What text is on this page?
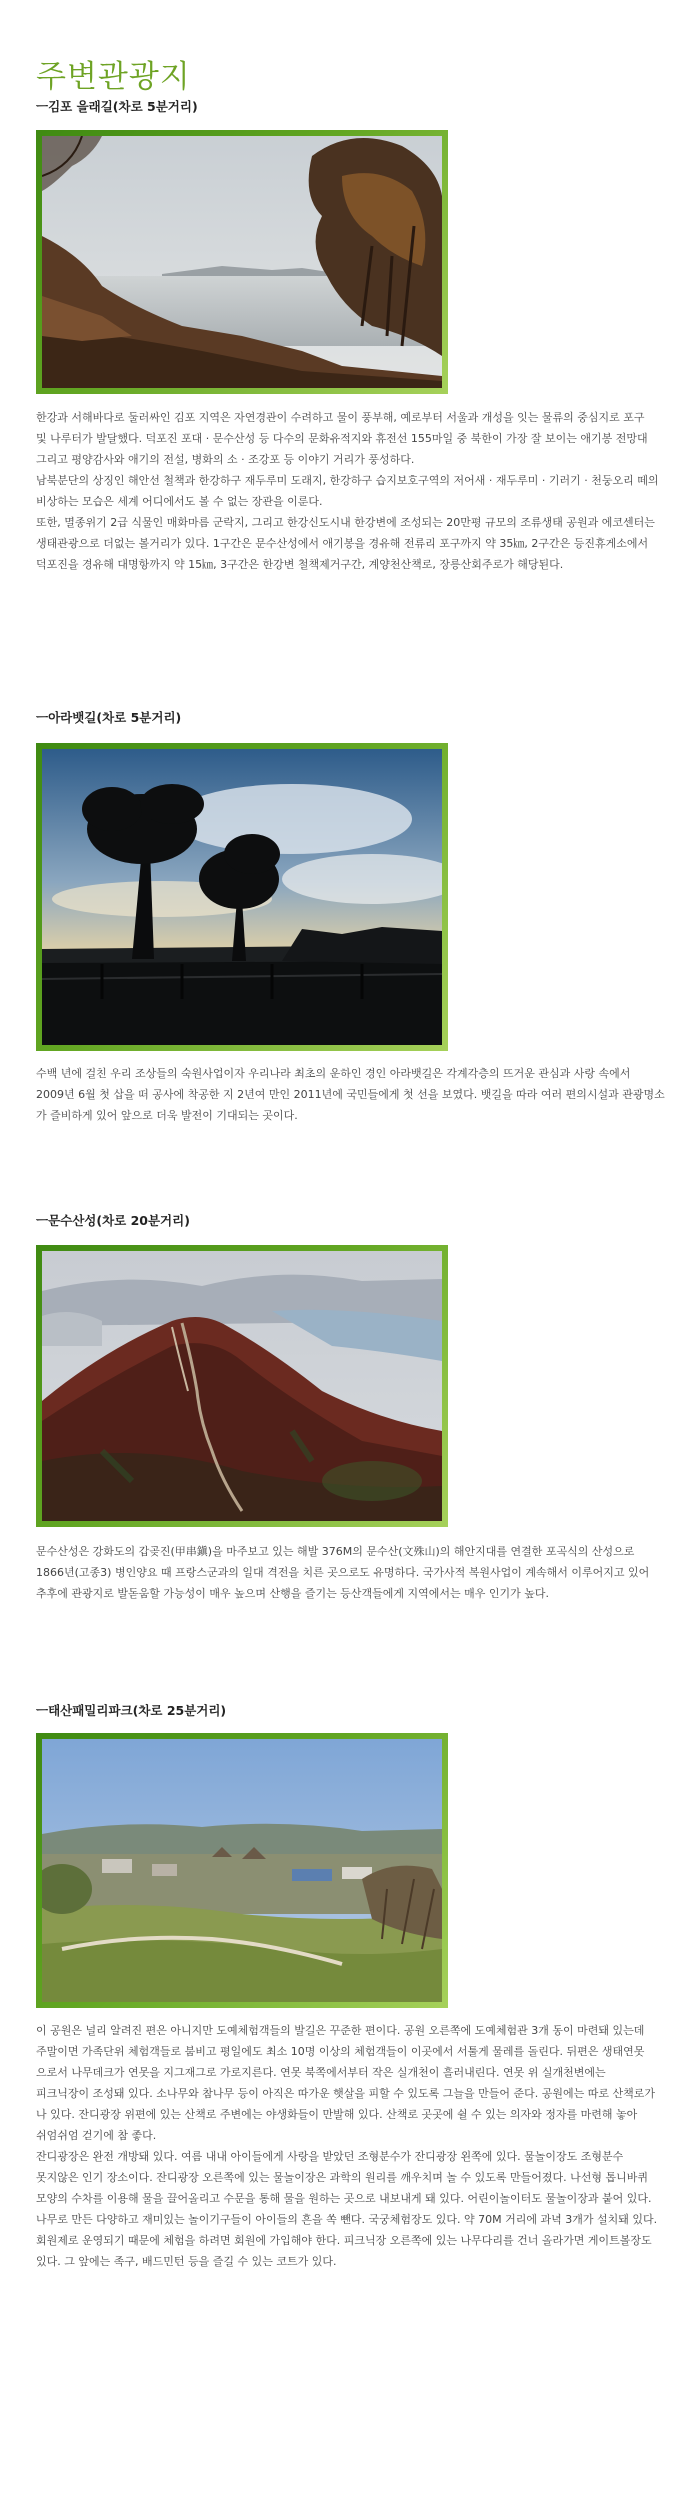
주변관광지
ㅡ김포 을래길(차로 5분거리)

한강과 서해바다로 둘러싸인 김포 지역은 자연경관이 수려하고 물이 풍부해, 예로부터 서울과 개성을 잇는 물류의 중심지로 포구

및 나루터가 발달했다. 덕포진 포대 · 문수산성 등 다수의 문화유적지와 휴전선 155마일 중 북한이 가장 잘 보이는 애기봉 전망대

그리고 평양감사와 애기의 전설, 병화의 소 · 조강포 등 이야기 거리가 풍성하다.

남북분단의 상징인 해안선 철책과 한강하구 재두루미 도래지, 한강하구 습지보호구역의 저어새 · 재두루미 · 기러기 · 천둥오리 떼의

비상하는 모습은 세계 어디에서도 볼 수 없는 장관을 이룬다.

또한, 멸종위기 2급 식물인 매화마름 군락지, 그리고 한강신도시내 한강변에 조성되는 20만평 규모의 조류생태 공원과 에코센터는

생태관광으로 더없는 볼거리가 있다. 1구간은 문수산성에서 애기봉을 경유해 전류리 포구까지 약 35㎞, 2구간은 등진휴게소에서

덕포진을 경유해 대명항까지 약 15㎞, 3구간은 한강변 철책제거구간, 계양천산책로, 장릉산회주로가 해당된다.

ㅡ아라뱃길(차로 5분거리)

수백 년에 걸친 우리 조상들의 숙원사업이자 우리나라 최초의 운하인 경인 아라뱃길은 각계각층의 뜨거운 관심과 사랑 속에서

2009년 6월 첫 삽을 떠 공사에 착공한 지 2년여 만인 2011년에 국민들에게 첫 선을 보였다. 뱃길을 따라 여러 편의시설과 관광명소

가 즐비하게 있어 앞으로 더욱 발전이 기대되는 곳이다.

ㅡ문수산성(차로 20분거리)

문수산성은 강화도의 갑곶진(甲串鎭)을 마주보고 있는 해발 376M의 문수산(文殊山)의 해안지대를 연결한 포곡식의 산성으로

1866년(고종3) 병인양요 때 프랑스군과의 일대 격전을 치른 곳으로도 유명하다. 국가사적 복원사업이 계속해서 이루어지고 있어

추후에 관광지로 발돋움할 가능성이 매우 높으며 산행을 즐기는 등산객들에게 지역에서는 매우 인기가 높다.

ㅡ태산패밀리파크(차로 25분거리)

이 공원은 널리 알려진 편은 아니지만 도예체험객들의 발길은 꾸준한 편이다. 공원 오른쪽에 도예체험관 3개 동이 마련돼 있는데

주말이면 가족단위 체험객들로 붐비고 평일에도 최소 10명 이상의 체험객들이 이곳에서 서툴게 물레를 돌린다. 뒤편은 생태연못

으로서 나무데크가 연못을 지그재그로 가로지른다. 연못 북쪽에서부터 작은 실개천이 흘러내린다. 연못 위 실개천변에는

피크닉장이 조성돼 있다. 소나무와 참나무 등이 아직은 따가운 햇살을 피할 수 있도록 그늘을 만들어 준다. 공원에는 따로 산책로가

나 있다. 잔디광장 위편에 있는 산책로 주변에는 야생화들이 만발해 있다. 산책로 곳곳에 쉴 수 있는 의자와 정자를 마련해 놓아

쉬엄쉬엄 걷기에 참 좋다.

잔디광장은 완전 개방돼 있다. 여름 내내 아이들에게 사랑을 받았던 조형분수가 잔디광장 왼쪽에 있다. 물놀이장도 조형분수

못지않은 인기 장소이다. 잔디광장 오른쪽에 있는 물놀이장은 과학의 원리를 깨우치며 놀 수 있도록 만들어졌다. 나선형 톱니바퀴

모양의 수차를 이용해 물을 끌어올리고 수문을 통해 물을 원하는 곳으로 내보내게 돼 있다. 어린이놀이터도 물놀이장과 붙어 있다.

나무로 만든 다양하고 재미있는 놀이기구들이 아이들의 흔을 쏙 뺀다. 국궁체험장도 있다. 약 70M 거리에 과녁 3개가 설치돼 있다.

회원제로 운영되기 때문에 체험을 하려면 회원에 가입해야 한다. 피크닉장 오른쪽에 있는 나무다리를 건너 올라가면 게이트볼장도

있다. 그 앞에는 족구, 배드민턴 등을 즐길 수 있는 코트가 있다.
